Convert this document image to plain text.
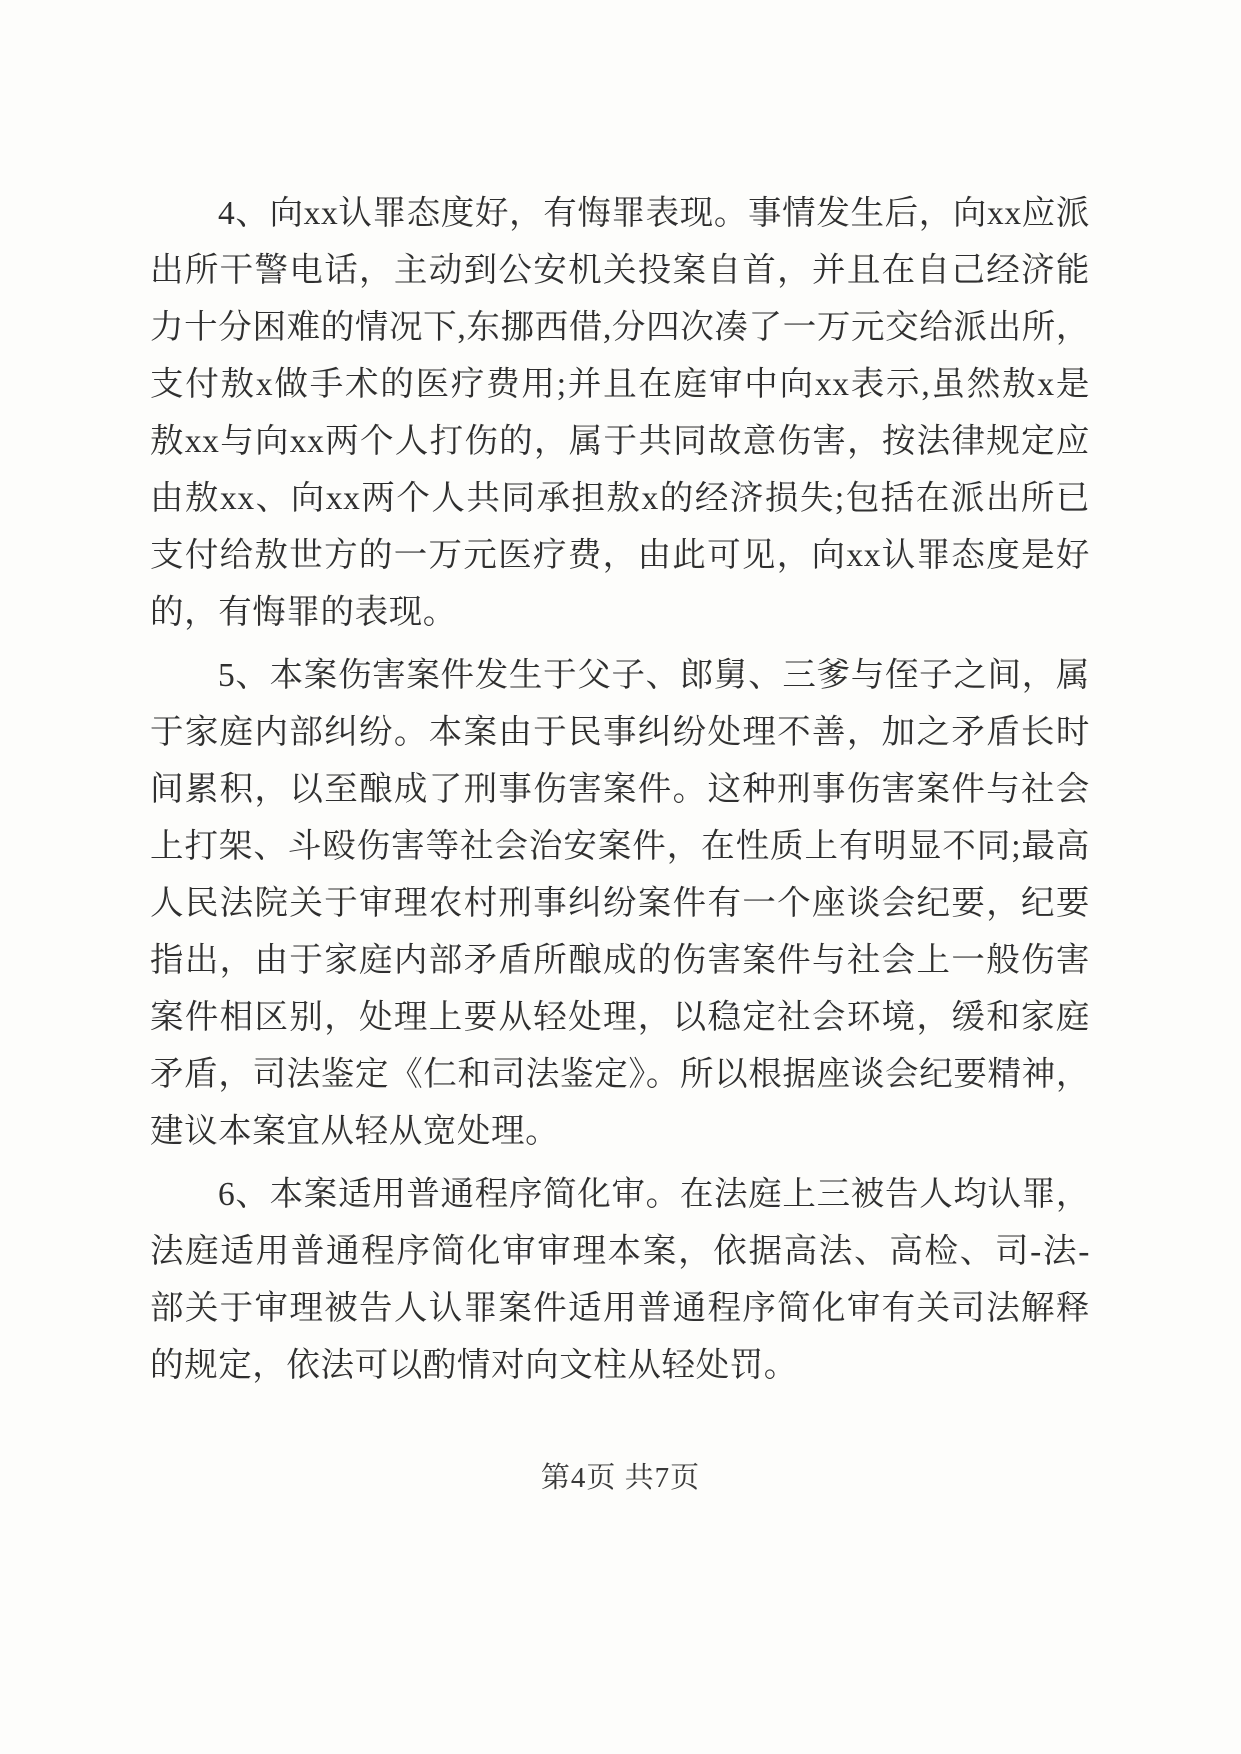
4、向xx认罪态度好，有悔罪表现。事情发生后，向xx应派出所干警电话，主动到公安机关投案自首，并且在自己经济能力十分困难的情况下,东挪西借,分四次凑了一万元交给派出所，支付敖x做手术的医疗费用;并且在庭审中向xx表示,虽然敖x是敖xx与向xx两个人打伤的，属于共同故意伤害，按法律规定应由敖xx、向xx两个人共同承担敖x的经济损失;包括在派出所已支付给敖世方的一万元医疗费，由此可见，向xx认罪态度是好的，有悔罪的表现。

5、本案伤害案件发生于父子、郎舅、三爹与侄子之间，属于家庭内部纠纷。本案由于民事纠纷处理不善，加之矛盾长时间累积，以至酿成了刑事伤害案件。这种刑事伤害案件与社会上打架、斗殴伤害等社会治安案件，在性质上有明显不同;最高人民法院关于审理农村刑事纠纷案件有一个座谈会纪要，纪要指出，由于家庭内部矛盾所酿成的伤害案件与社会上一般伤害案件相区别，处理上要从轻处理，以稳定社会环境，缓和家庭矛盾，司法鉴定《仁和司法鉴定》。所以根据座谈会纪要精神，建议本案宜从轻从宽处理。

6、本案适用普通程序简化审。在法庭上三被告人均认罪，法庭适用普通程序简化审审理本案，依据高法、高检、司-法-部关于审理被告人认罪案件适用普通程序简化审有关司法解释的规定，依法可以酌情对向文柱从轻处罚。

第4页 共7页
